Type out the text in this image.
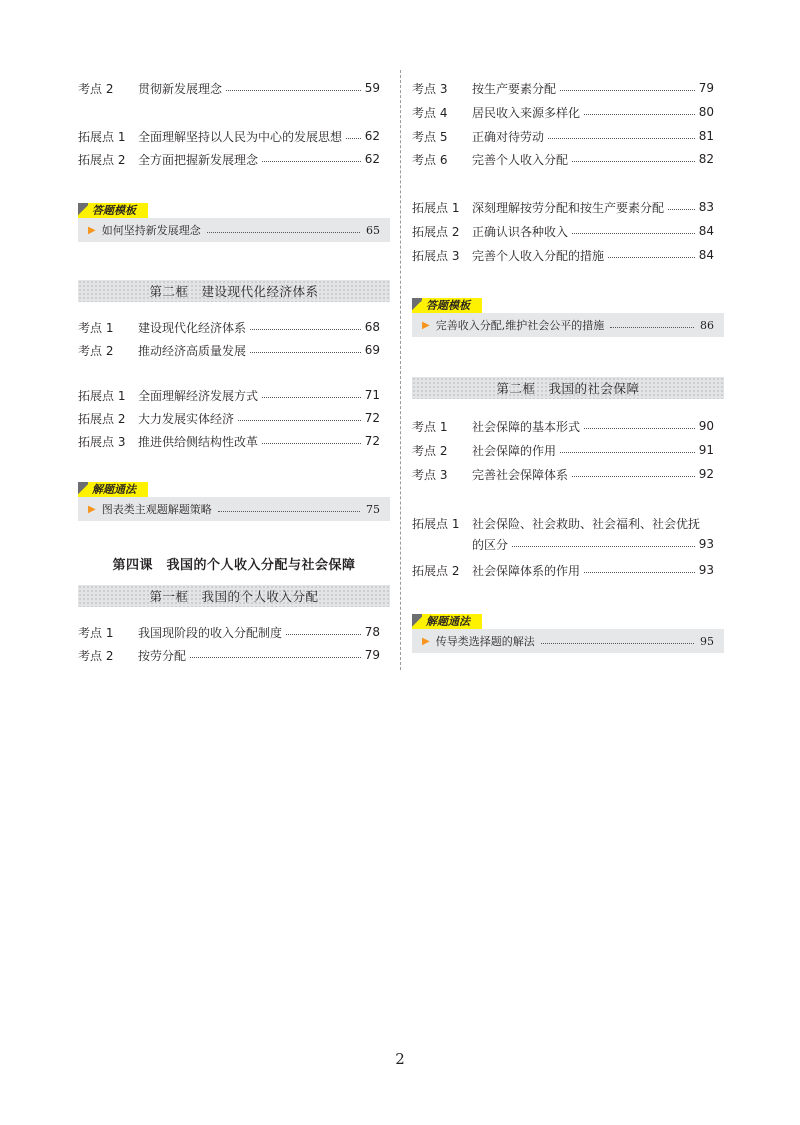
考点 2	贯彻新发展理念	59
拓展点 1	全面理解坚持以人民为中心的发展思想 62
拓展点 2	全方面把握新发展理念	62
答题模板
▶ 如何坚持新发展理念	65
第二框　建设现代化经济体系
考点 1	建设现代化经济体系	68
考点 2	推动经济高质量发展	69
拓展点 1	全面理解经济发展方式	71
拓展点 2	大力发展实体经济	72
拓展点 3	推进供给侧结构性改革	72
解题通法
▶ 图表类主观题解题策略	75
第四课　我国的个人收入分配与社会保障
第一框　我国的个人收入分配
考点 1	我国现阶段的收入分配制度	78
考点 2	按劳分配	79
考点 3	按生产要素分配	79
考点 4	居民收入来源多样化	80
考点 5	正确对待劳动	81
考点 6	完善个人收入分配	82
拓展点 1	深刻理解按劳分配和按生产要素分配	83
拓展点 2	正确认识各种收入	84
拓展点 3	完善个人收入分配的措施	84
答题模板
▶ 完善收入分配,维护社会公平的措施	86
第二框　我国的社会保障
考点 1	社会保障的基本形式	90
考点 2	社会保障的作用	91
考点 3	完善社会保障体系	92
拓展点 1	社会保险、社会救助、社会福利、社会优抚
的区分	93
拓展点 2	社会保障体系的作用	93
解题通法
▶ 传导类选择题的解法	95
2
